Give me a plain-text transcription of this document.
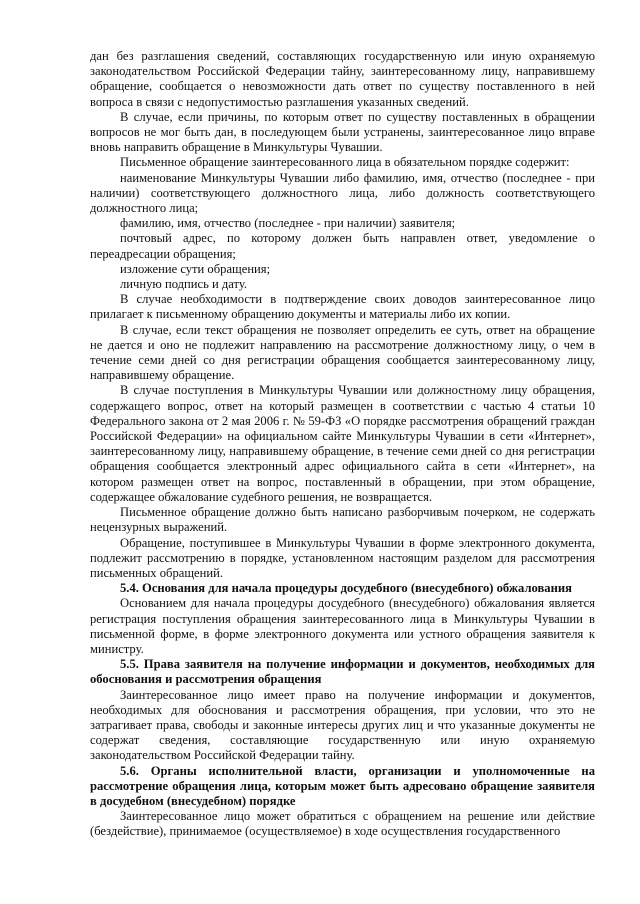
дан без разглашения сведений, составляющих государственную или иную охраняемую законодательством Российской Федерации тайну, заинтересованному лицу, направившему обращение, сообщается о невозможности дать ответ по существу поставленного в ней вопроса в связи с недопустимостью разглашения указанных сведений.

В случае, если причины, по которым ответ по существу поставленных в обращении вопросов не мог быть дан, в последующем были устранены, заинтересованное лицо вправе вновь направить обращение в Минкультуры Чувашии.

Письменное обращение заинтересованного лица в обязательном порядке содержит:

наименование Минкультуры Чувашии либо фамилию, имя, отчество (последнее - при наличии) соответствующего должностного лица, либо должность соответствующего должностного лица;

фамилию, имя, отчество (последнее - при наличии) заявителя;

почтовый адрес, по которому должен быть направлен ответ, уведомление о переадресации обращения;

изложение сути обращения;

личную подпись и дату.

В случае необходимости в подтверждение своих доводов заинтересованное лицо прилагает к письменному обращению документы и материалы либо их копии.

В случае, если текст обращения не позволяет определить ее суть, ответ на обращение не дается и оно не подлежит направлению на рассмотрение должностному лицу, о чем в течение семи дней со дня регистрации обращения сообщается заинтересованному лицу, направившему обращение.

В случае поступления в Минкультуры Чувашии или должностному лицу обращения, содержащего вопрос, ответ на который размещен в соответствии с частью 4 статьи 10 Федерального закона от 2 мая 2006 г. № 59-ФЗ «О порядке рассмотрения обращений граждан Российской Федерации» на официальном сайте Минкультуры Чувашии в сети «Интернет», заинтересованному лицу, направившему обращение, в течение семи дней со дня регистрации обращения сообщается электронный адрес официального сайта в сети «Интернет», на котором размещен ответ на вопрос, поставленный в обращении, при этом обращение, содержащее обжалование судебного решения, не возвращается.

Письменное обращение должно быть написано разборчивым почерком, не содержать нецензурных выражений.

Обращение, поступившее в Минкультуры Чувашии в форме электронного документа, подлежит рассмотрению в порядке, установленном настоящим разделом для рассмотрения письменных обращений.

5.4. Основания для начала процедуры досудебного (внесудебного) обжалования

Основанием для начала процедуры досудебного (внесудебного) обжалования является регистрация поступления обращения заинтересованного лица в Минкультуры Чувашии в письменной форме, в форме электронного документа или устного обращения заявителя к министру.

5.5. Права заявителя на получение информации и документов, необходимых для обоснования и рассмотрения обращения

Заинтересованное лицо имеет право на получение информации и документов, необходимых для обоснования и рассмотрения обращения, при условии, что это не затрагивает права, свободы и законные интересы других лиц и что указанные документы не содержат сведения, составляющие государственную или иную охраняемую законодательством Российской Федерации тайну.

5.6. Органы исполнительной власти, организации и уполномоченные на рассмотрение обращения лица, которым может быть адресовано обращение заявителя в досудебном (внесудебном) порядке

Заинтересованное лицо может обратиться с обращением на решение или действие (бездействие), принимаемое (осуществляемое) в ходе осуществления государственного
